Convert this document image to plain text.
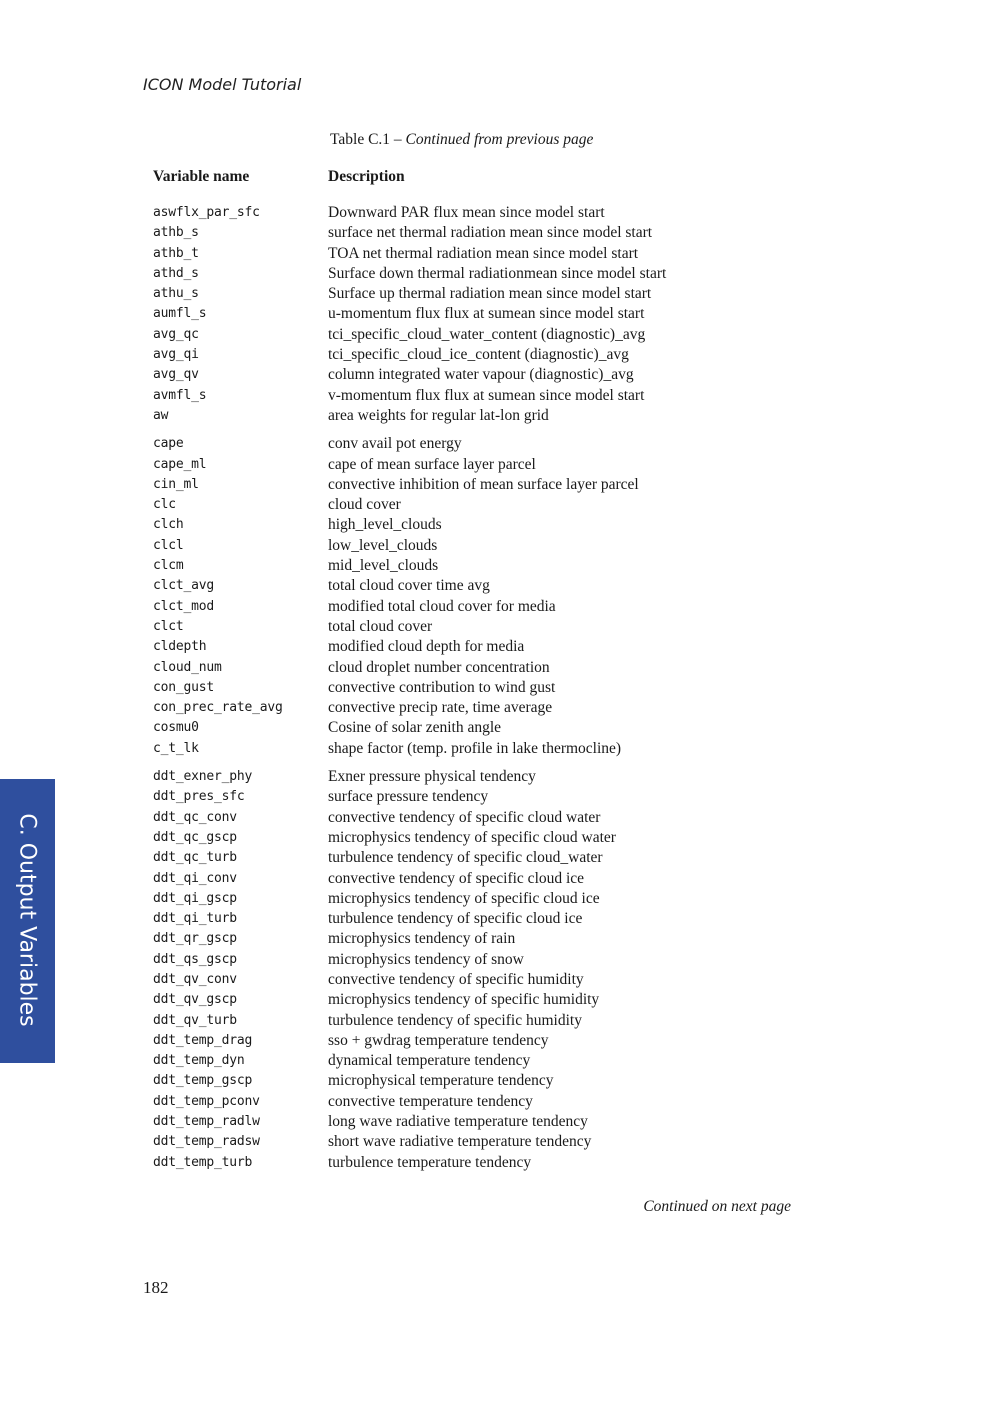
ICON Model Tutorial
Table C.1 – Continued from previous page
Variable name	Description
aswflx_par_sfc	Downward PAR flux mean since model start
athb_s	surface net thermal radiation mean since model start
athb_t	TOA net thermal radiation mean since model start
athd_s	Surface down thermal radiationmean since model start
athu_s	Surface up thermal radiation mean since model start
aumfl_s	u-momentum flux flux at sumean since model start
avg_qc	tci_specific_cloud_water_content (diagnostic)_avg
avg_qi	tci_specific_cloud_ice_content (diagnostic)_avg
avg_qv	column integrated water vapour (diagnostic)_avg
avmfl_s	v-momentum flux flux at sumean since model start
aw	area weights for regular lat-lon grid
cape	conv avail pot energy
cape_ml	cape of mean surface layer parcel
cin_ml	convective inhibition of mean surface layer parcel
clc	cloud cover
clch	high_level_clouds
clcl	low_level_clouds
clcm	mid_level_clouds
clct_avg	total cloud cover time avg
clct_mod	modified total cloud cover for media
clct	total cloud cover
cldepth	modified cloud depth for media
cloud_num	cloud droplet number concentration
con_gust	convective contribution to wind gust
con_prec_rate_avg	convective precip rate, time average
cosmu0	Cosine of solar zenith angle
c_t_lk	shape factor (temp. profile in lake thermocline)
ddt_exner_phy	Exner pressure physical tendency
ddt_pres_sfc	surface pressure tendency
ddt_qc_conv	convective tendency of specific cloud water
ddt_qc_gscp	microphysics tendency of specific cloud water
ddt_qc_turb	turbulence tendency of specific cloud_water
ddt_qi_conv	convective tendency of specific cloud ice
ddt_qi_gscp	microphysics tendency of specific cloud ice
ddt_qi_turb	turbulence tendency of specific cloud ice
ddt_qr_gscp	microphysics tendency of rain
ddt_qs_gscp	microphysics tendency of snow
ddt_qv_conv	convective tendency of specific humidity
ddt_qv_gscp	microphysics tendency of specific humidity
ddt_qv_turb	turbulence tendency of specific humidity
ddt_temp_drag	sso + gwdrag temperature tendency
ddt_temp_dyn	dynamical temperature tendency
ddt_temp_gscp	microphysical temperature tendency
ddt_temp_pconv	convective temperature tendency
ddt_temp_radlw	long wave radiative temperature tendency
ddt_temp_radsw	short wave radiative temperature tendency
ddt_temp_turb	turbulence temperature tendency
Continued on next page
182
C. Output Variables
